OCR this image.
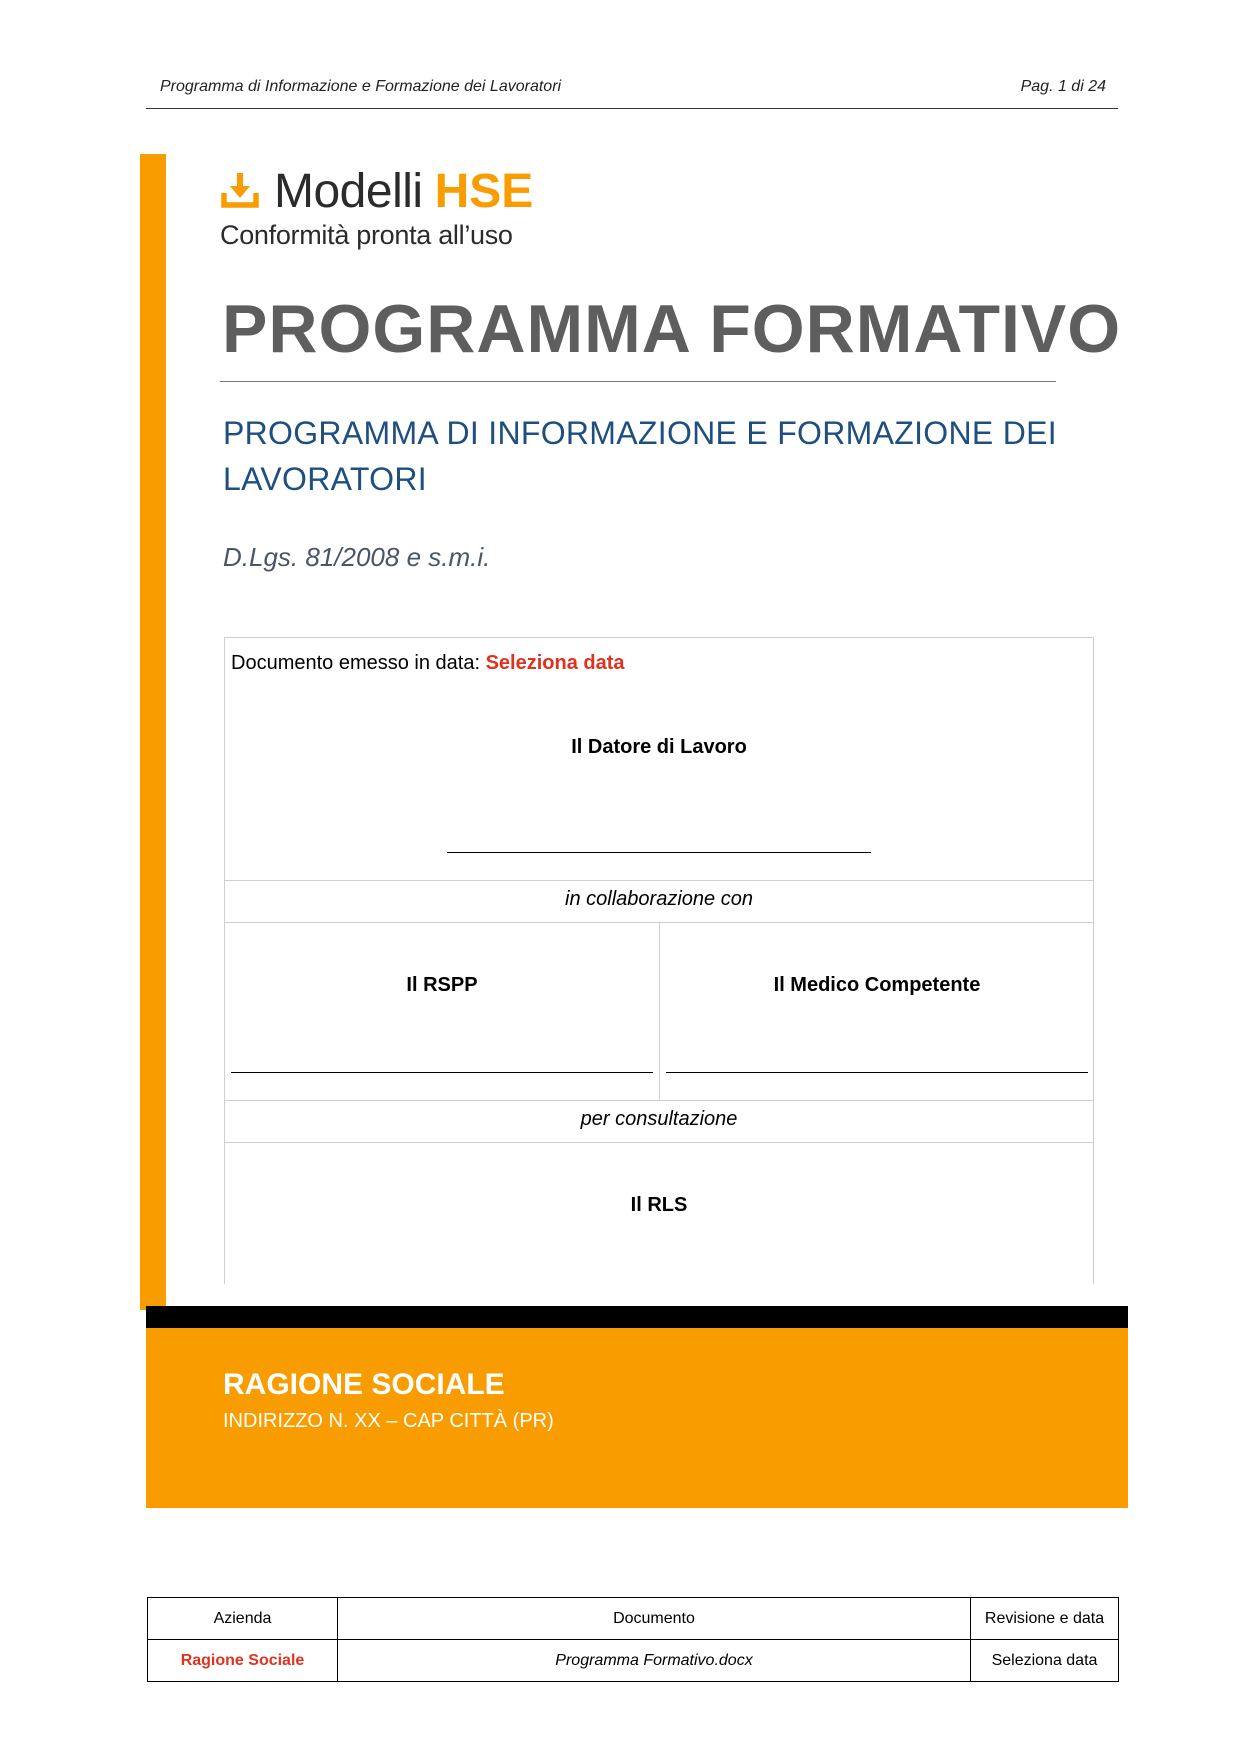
Programma di Informazione e Formazione dei Lavoratori	Pag. 1 di 24
Modelli HSE
Conformità pronta all’uso
PROGRAMMA FORMATIVO
PROGRAMMA DI INFORMAZIONE E FORMAZIONE DEI LAVORATORI
D.Lgs. 81/2008 e s.m.i.
Documento emesso in data: Seleziona data
Il Datore di Lavoro
in collaborazione con
Il RSPP	Il Medico Competente
per consultazione
Il RLS
RAGIONE SOCIALE
INDIRIZZO N. XX – CAP CITTÀ (PR)
Azienda	Documento	Revisione e data
Ragione Sociale	Programma Formativo.docx	Seleziona data
